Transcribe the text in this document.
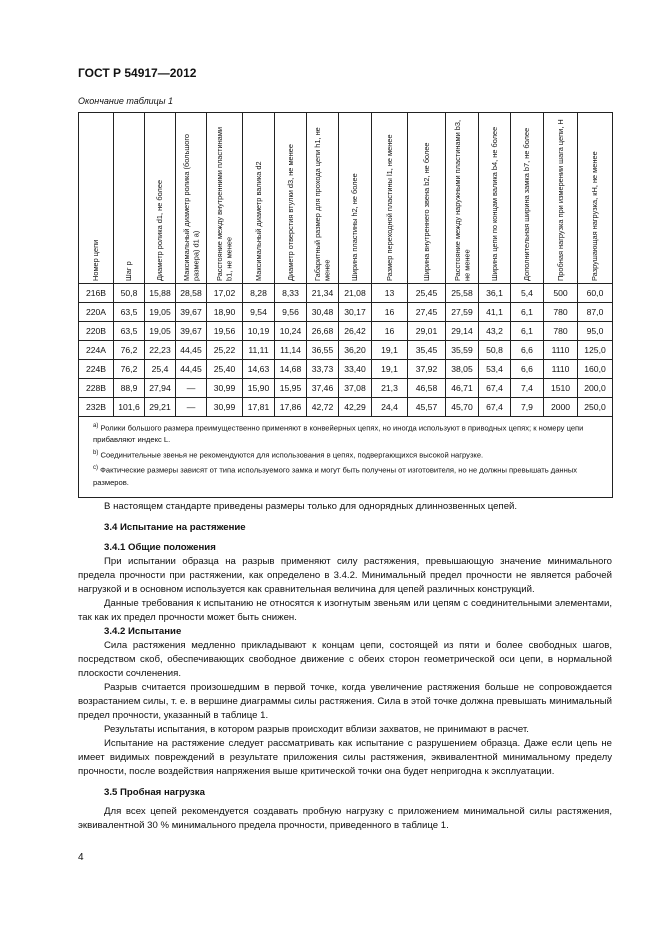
ГОСТ Р 54917—2012
Окончание таблицы 1
Номер цепи	Шаг p	Диаметр ролика d1, не более	Максимальный диаметр ролика (большого размера) d1 a)	Расстояние между внутренними пластинами b1, не менее	Максимальный диаметр валика d2	Диаметр отверстия втулки d3, не менее	Габаритный размер для прохода цепи h1, не менее	Ширина пластины h2, не более	Размер переходной пластины l1, не менее	Ширина внутреннего звена b2, не более	Расстояние между наружными пластинами b3, не менее	Ширина цепи по концам валика b4, не более	Дополнительная ширина замка b7, не более	Пробная нагрузка при измерении шага цепи, Н	Разрушающая нагрузка, кН, не менее
216B	50,8	15,88	28,58	17,02	8,28	8,33	21,34	21,08	13	25,45	25,58	36,1	5,4	500	60,0
220A	63,5	19,05	39,67	18,90	9,54	9,56	30,48	30,17	16	27,45	27,59	41,1	6,1	780	87,0
220B	63,5	19,05	39,67	19,56	10,19	10,24	26,68	26,42	16	29,01	29,14	43,2	6,1	780	95,0
224A	76,2	22,23	44,45	25,22	11,11	11,14	36,55	36,20	19,1	35,45	35,59	50,8	6,6	1110	125,0
224B	76,2	25,4	44,45	25,40	14,63	14,68	33,73	33,40	19,1	37,92	38,05	53,4	6,6	1110	160,0
228B	88,9	27,94	—	30,99	15,90	15,95	37,46	37,08	21,3	46,58	46,71	67,4	7,4	1510	200,0
232B	101,6	29,21	—	30,99	17,81	17,86	42,72	42,29	24,4	45,57	45,70	67,4	7,9	2000	250,0

$^{a)}$ Ролики большого размера преимущественно применяют в конвейерных цепях, но иногда используют в приводных цепях; к номеру цепи прибавляют индекс L.
$^{b)}$ Соединительные звенья не рекомендуются для использования в цепях, подвергающихся высокой нагрузке.
$^{c)}$ Фактические размеры зависят от типа используемого замка и могут быть получены от изготовителя, но не должны превышать данных размеров.															

В настоящем стандарте приведены размеры только для однорядных длиннозвенных цепей.

3.4 Испытание на растяжение

3.4.1 Общие положения

При испытании образца на разрыв применяют силу растяжения, превышающую значение минимального предела прочности при растяжении, как определено в 3.4.2. Минимальный предел прочности не является рабочей нагрузкой и в основном используется как сравнительная величина для цепей различных конструкций.

Данные требования к испытанию не относятся к изогнутым звеньям или цепям с соединительными элементами, так как их предел прочности может быть снижен.

3.4.2 Испытание

Сила растяжения медленно прикладывают к концам цепи, состоящей из пяти и более свободных шагов, посредством скоб, обеспечивающих свободное движение с обеих сторон геометрической оси цепи, в нормальной плоскости сочленения.

Разрыв считается произошедшим в первой точке, когда увеличение растяжения больше не сопровождается возрастанием силы, т. е. в вершине диаграммы силы растяжения. Сила в этой точке должна превышать минимальный предел прочности, указанный в таблице 1.

Результаты испытания, в котором разрыв происходит вблизи захватов, не принимают в расчет.

Испытание на растяжение следует рассматривать как испытание с разрушением образца. Даже если цепь не имеет видимых повреждений в результате приложения силы растяжения, эквивалентной минимальному пределу прочности, после воздействия напряжения выше критической точки она будет непригодна к эксплуатации.

3.5 Пробная нагрузка

Для всех цепей рекомендуется создавать пробную нагрузку с приложением минимальной силы растяжения, эквивалентной 30 % минимального предела прочности, приведенного в таблице 1.

4
